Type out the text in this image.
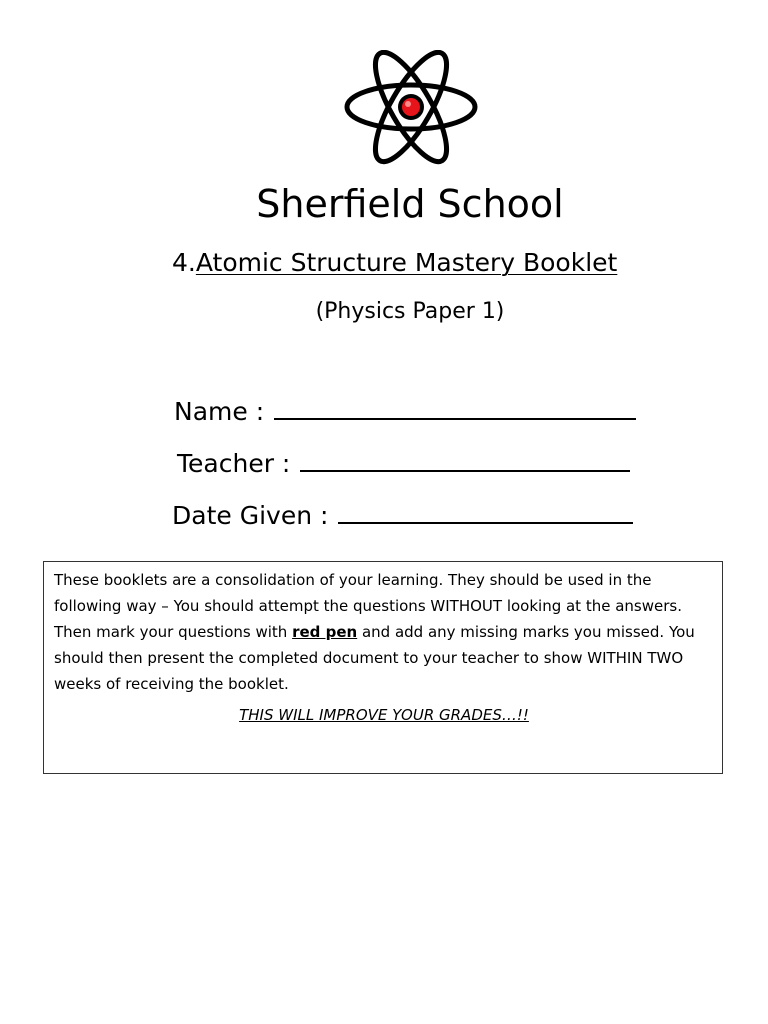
Sherfield School
4.Atomic Structure Mastery Booklet
(Physics Paper 1)
Name :
Teacher :
Date Given :

These booklets are a consolidation of your learning. They should be used in the following way – You should attempt the questions WITHOUT looking at the answers. Then mark your questions with red pen and add any missing marks you missed. You should then present the completed document to your teacher to show WITHIN TWO weeks of receiving the booklet.

THIS WILL IMPROVE YOUR GRADES…!!
